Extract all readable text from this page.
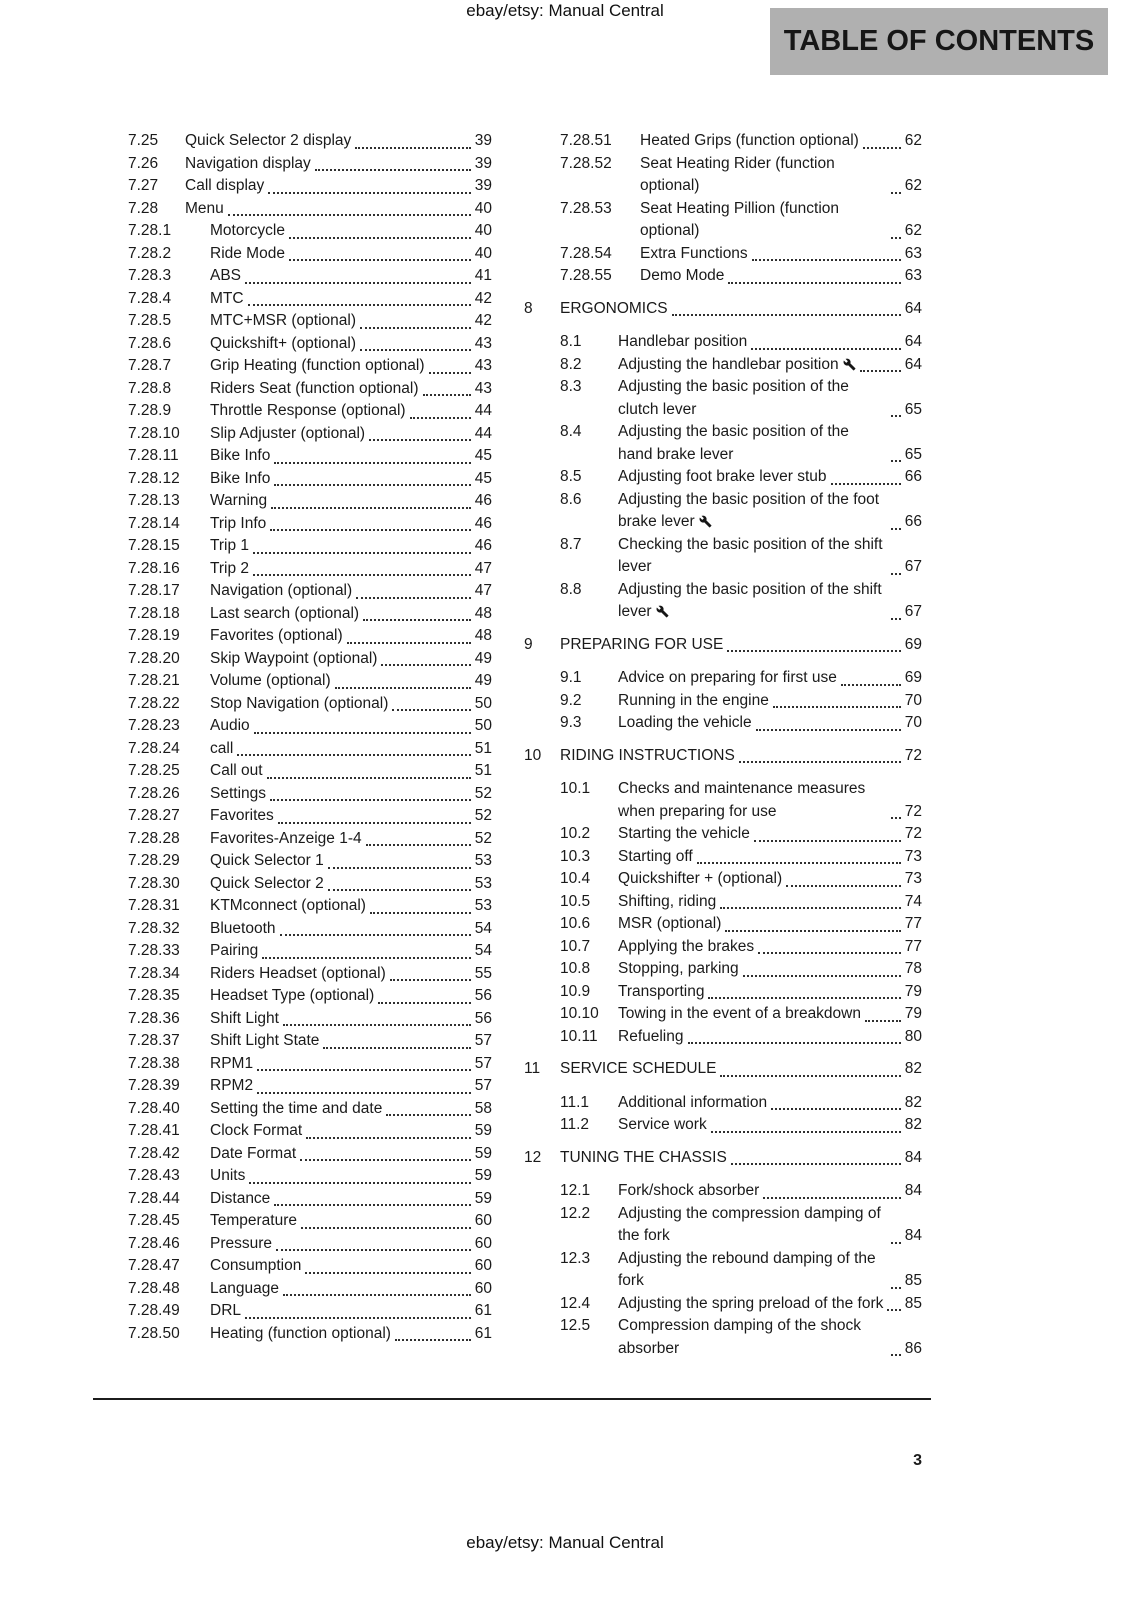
ebay/etsy: Manual Central
TABLE OF CONTENTS
7.25	Quick Selector 2 display	39
7.26	Navigation display	39
7.27	Call display	39
7.28	Menu	40
7.28.1	Motorcycle	40
7.28.2	Ride Mode	40
7.28.3	ABS	41
7.28.4	MTC	42
7.28.5	MTC+MSR (optional)	42
7.28.6	Quickshift+ (optional)	43
7.28.7	Grip Heating (function optional)	43
7.28.8	Riders Seat (function optional)	43
7.28.9	Throttle Response (optional)	44
7.28.10	Slip Adjuster (optional)	44
7.28.11	Bike Info	45
7.28.12	Bike Info	45
7.28.13	Warning	46
7.28.14	Trip Info	46
7.28.15	Trip 1	46
7.28.16	Trip 2	47
7.28.17	Navigation (optional)	47
7.28.18	Last search (optional)	48
7.28.19	Favorites (optional)	48
7.28.20	Skip Waypoint (optional)	49
7.28.21	Volume (optional)	49
7.28.22	Stop Navigation (optional)	50
7.28.23	Audio	50
7.28.24	call	51
7.28.25	Call out	51
7.28.26	Settings	52
7.28.27	Favorites	52
7.28.28	Favorites-Anzeige 1-4	52
7.28.29	Quick Selector 1	53
7.28.30	Quick Selector 2	53
7.28.31	KTMconnect (optional)	53
7.28.32	Bluetooth	54
7.28.33	Pairing	54
7.28.34	Riders Headset (optional)	55
7.28.35	Headset Type (optional)	56
7.28.36	Shift Light	56
7.28.37	Shift Light State	57
7.28.38	RPM1	57
7.28.39	RPM2	57
7.28.40	Setting the time and date	58
7.28.41	Clock Format	59
7.28.42	Date Format	59
7.28.43	Units	59
7.28.44	Distance	59
7.28.45	Temperature	60
7.28.46	Pressure	60
7.28.47	Consumption	60
7.28.48	Language	60
7.28.49	DRL	61
7.28.50	Heating (function optional)	61
7.28.51	Heated Grips (function optional)	62
7.28.52	Seat Heating Rider (function optional)	62
7.28.53	Seat Heating Pillion (function optional)	62
7.28.54	Extra Functions	63
7.28.55	Demo Mode	63
8	ERGONOMICS	64
8.1	Handlebar position	64
8.2	Adjusting the handlebar position	64
8.3	Adjusting the basic position of the clutch lever	65
8.4	Adjusting the basic position of the hand brake lever	65
8.5	Adjusting foot brake lever stub	66
8.6	Adjusting the basic position of the foot brake lever	66
8.7	Checking the basic position of the shift lever	67
8.8	Adjusting the basic position of the shift lever	67
9	PREPARING FOR USE	69
9.1	Advice on preparing for first use	69
9.2	Running in the engine	70
9.3	Loading the vehicle	70
10	RIDING INSTRUCTIONS	72
10.1	Checks and maintenance measures when preparing for use	72
10.2	Starting the vehicle	72
10.3	Starting off	73
10.4	Quickshifter + (optional)	73
10.5	Shifting, riding	74
10.6	MSR (optional)	77
10.7	Applying the brakes	77
10.8	Stopping, parking	78
10.9	Transporting	79
10.10	Towing in the event of a breakdown	79
10.11	Refueling	80
11	SERVICE SCHEDULE	82
11.1	Additional information	82
11.2	Service work	82
12	TUNING THE CHASSIS	84
12.1	Fork/shock absorber	84
12.2	Adjusting the compression damping of the fork	84
12.3	Adjusting the rebound damping of the fork	85
12.4	Adjusting the spring preload of the fork 85
12.5	Compression damping of the shock absorber	86
3
ebay/etsy: Manual Central
